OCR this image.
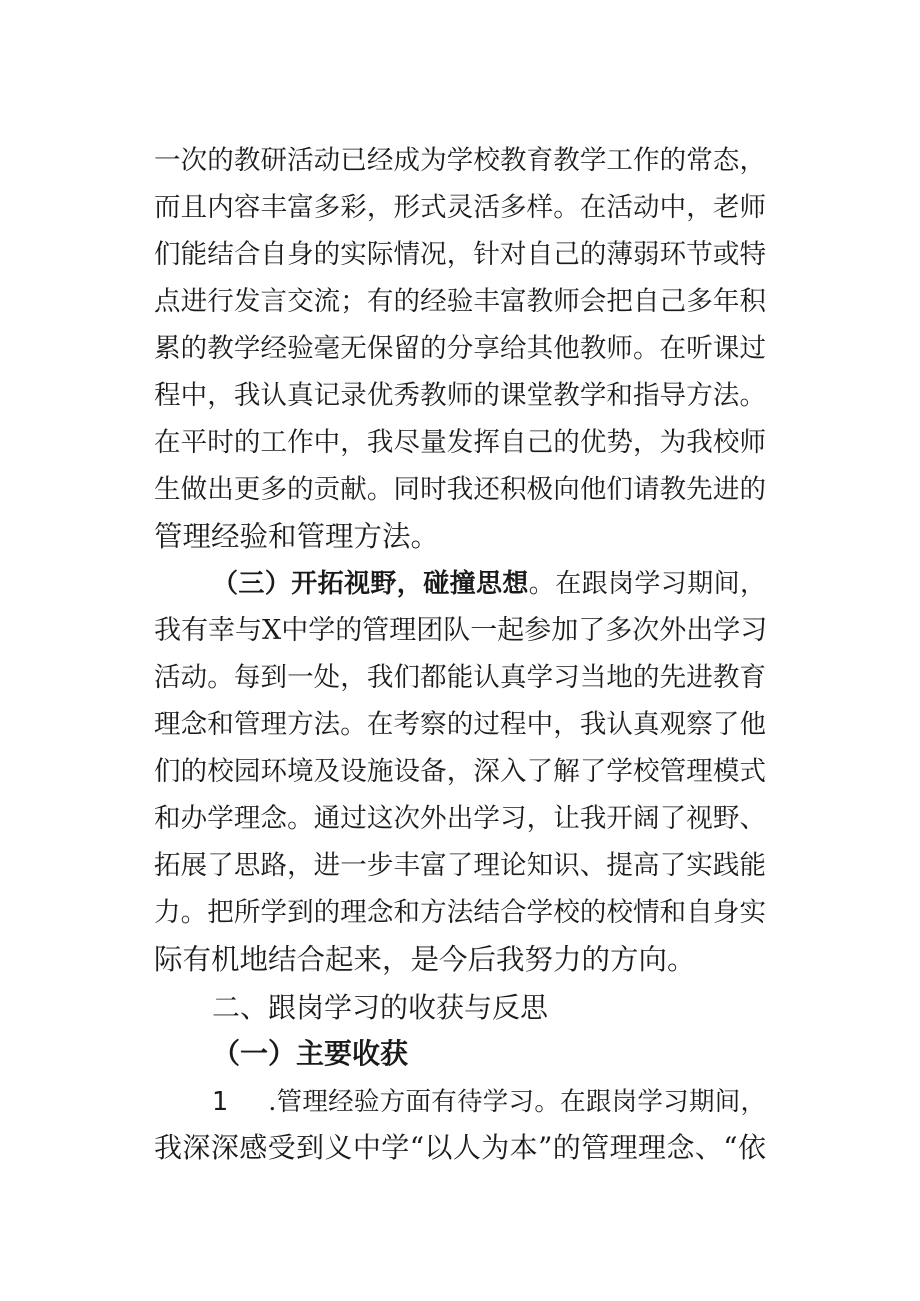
一次的教研活动已经成为学校教育教学工作的常态，
而且内容丰富多彩，形式灵活多样。在活动中，老师
们能结合自身的实际情况，针对自己的薄弱环节或特
点进行发言交流；有的经验丰富教师会把自己多年积
累的教学经验毫无保留的分享给其他教师。在听课过
程中，我认真记录优秀教师的课堂教学和指导方法。
在平时的工作中，我尽量发挥自己的优势，为我校师
生做出更多的贡献。同时我还积极向他们请教先进的
管理经验和管理方法。
（三）开拓视野，碰撞思想。在跟岗学习期间，
我有幸与X中学的管理团队一起参加了多次外出学习
活动。每到一处，我们都能认真学习当地的先进教育
理念和管理方法。在考察的过程中，我认真观察了他
们的校园环境及设施设备，深入了解了学校管理模式
和办学理念。通过这次外出学习，让我开阔了视野、
拓展了思路，进一步丰富了理论知识、提高了实践能
力。把所学到的理念和方法结合学校的校情和自身实
际有机地结合起来，是今后我努力的方向。
二、跟岗学习的收获与反思
（一）主要收获
1 .管理经验方面有待学习。在跟岗学习期间，
我深深感受到义中学“以人为本”的管理理念、“依
